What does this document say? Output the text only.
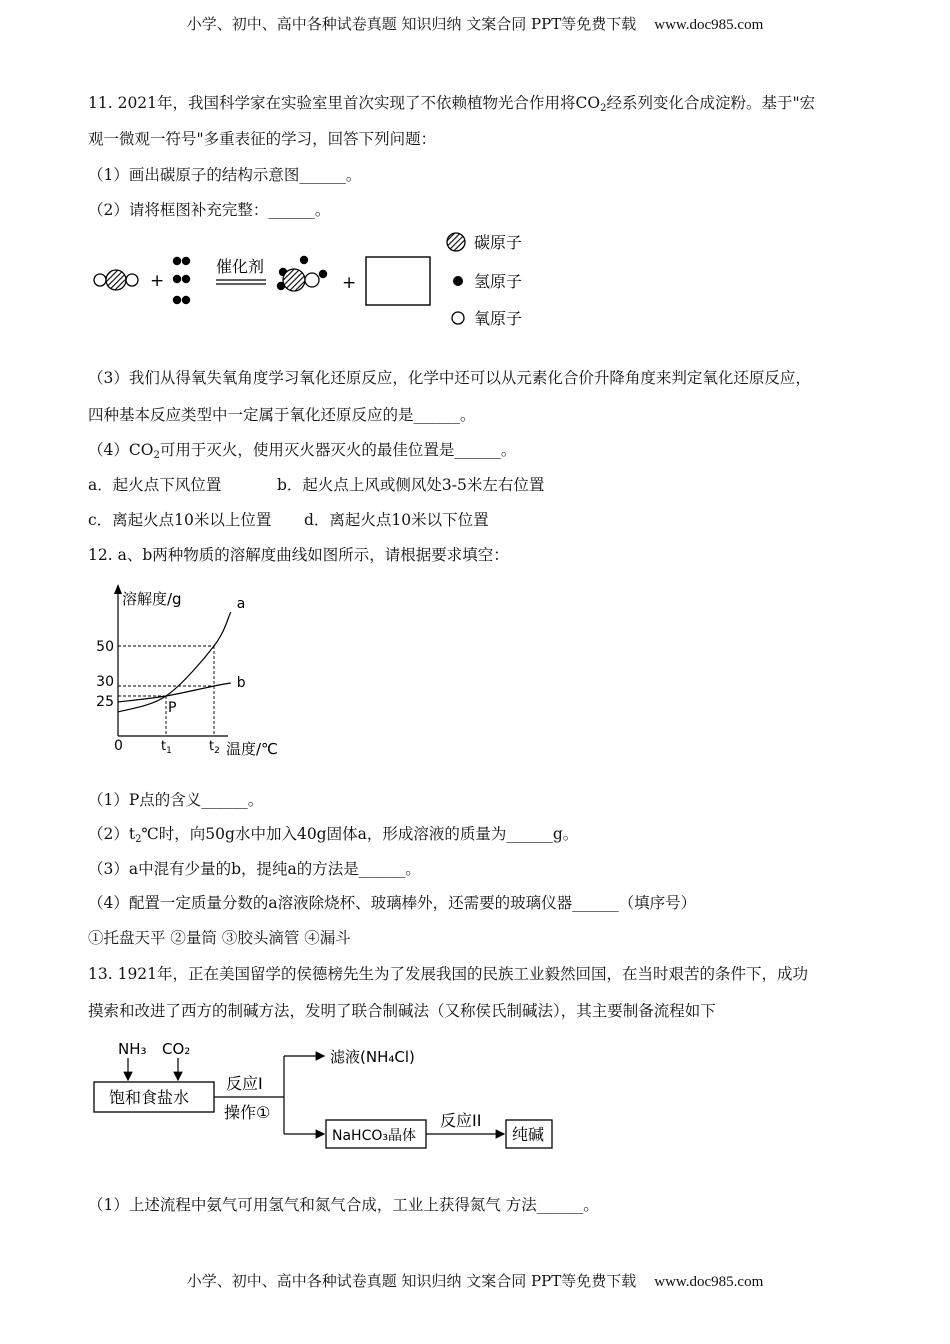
小学、初中、高中各种试卷真题 知识归纳 文案合同 PPT等免费下载 www.doc985.com
11. 2021年，我国科学家在实验室里首次实现了不依赖植物光合作用将$CO_2$经系列变化合成淀粉。基于"宏
观一微观一符号"多重表征的学习，回答下列问题：
（1）画出碳原子的结构示意图______。
（2）请将框图补充完整：______。
+
催化剂
+
碳原子
氢原子
氧原子
（3）我们从得氧失氧角度学习氧化还原反应，化学中还可以从元素化合价升降角度来判定氧化还原反应，
四种基本反应类型中一定属于氧化还原反应的是______。
$(4)CO_2$可用于灭火，使用灭火器灭火的最佳位置是______。
a．起火点下风位置	b．起火点上风或侧风处3-5米左右位置
c．离起火点10米以上位置 d．离起火点10米以下位置
12. a、b两种物质的溶解度曲线如图所示，请根据要求填空：
溶解度/g
温度/℃
0
a
b
P
25
30
50
$t_1$	$t_2$
（1）P点的含义______。
$(2)t_2℃$时，向50g水中加入40g固体a，形成溶液的质量为______g。
（3）a中混有少量的b，提纯a的方法是______。
（4）配置一定质量分数的a溶液除烧杯、玻璃棒外，还需要的玻璃仪器______（填序号）
①托盘天平 ②量筒 ③胶头滴管 ④漏斗
13. 1921年，正在美国留学的侯德榜先生为了发展我国的民族工业毅然回国，在当时艰苦的条件下，成功
摸索和改进了西方的制碱方法，发明了联合制碱法（又称侯氏制碱法），其主要制备流程如下
NH₃ CO₂
饱和食盐水
反应I
操作①
滤液(NH₄Cl)
NaHCO₃晶体
反应II
纯碱
（1）上述流程中氨气可用氢气和氮气合成，工业上获得氮气 方法______。
小学、初中、高中各种试卷真题 知识归纳 文案合同 PPT等免费下载 www.doc985.com
